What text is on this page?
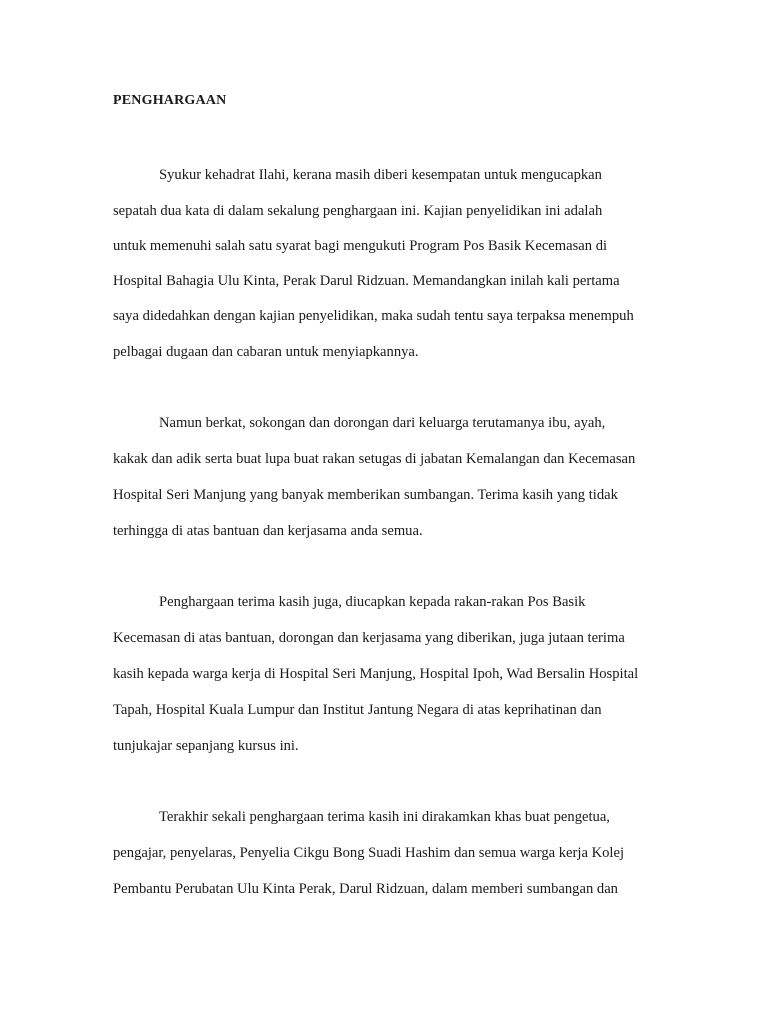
PENGHARGAAN
Syukur kehadrat Ilahi, kerana masih diberi kesempatan untuk mengucapkan
sepatah dua kata di dalam sekalung penghargaan ini. Kajian penyelidikan ini adalah
untuk memenuhi salah satu syarat bagi mengukuti Program Pos Basik Kecemasan di
Hospital Bahagia Ulu Kinta, Perak Darul Ridzuan. Memandangkan inilah kali pertama
saya didedahkan dengan kajian penyelidikan, maka sudah tentu saya terpaksa menempuh
pelbagai dugaan dan cabaran untuk menyiapkannya.
Namun berkat, sokongan dan dorongan dari keluarga terutamanya ibu, ayah,
kakak dan adik serta buat lupa buat rakan setugas di jabatan Kemalangan dan Kecemasan
Hospital Seri Manjung yang banyak memberikan sumbangan. Terima kasih yang tidak
terhingga di atas bantuan dan kerjasama anda semua.
Penghargaan terima kasih juga, diucapkan kepada rakan-rakan Pos Basik
Kecemasan di atas bantuan, dorongan dan kerjasama yang diberikan, juga jutaan terima
kasih kepada warga kerja di Hospital Seri Manjung, Hospital Ipoh, Wad Bersalin Hospital
Tapah, Hospital Kuala Lumpur dan Institut Jantung Negara di atas keprihatinan dan
tunjukajar sepanjang kursus ini.
Terakhir sekali penghargaan terima kasih ini dirakamkan khas buat pengetua,
pengajar, penyelaras, Penyelia Cikgu Bong Suadi Hashim dan semua warga kerja Kolej
Pembantu Perubatan Ulu Kinta Perak, Darul Ridzuan, dalam memberi sumbangan dan
